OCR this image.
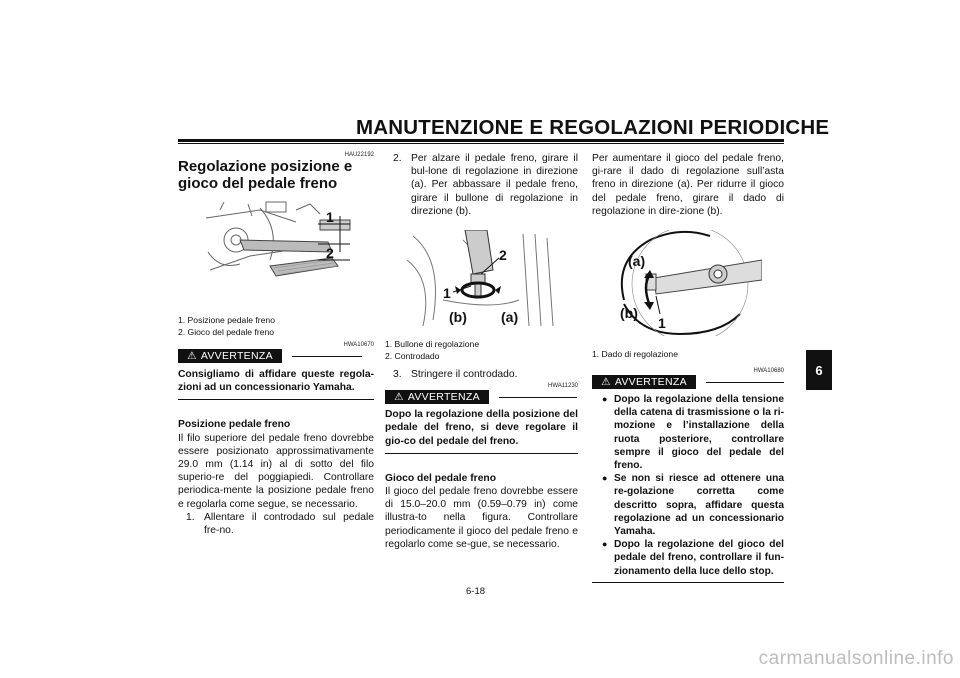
MANUTENZIONE E REGOLAZIONI PERIODICHE
6
HAU22192
Regolazione posizione e gioco del pedale freno
1
2
1. Posizione pedale freno
2. Gioco del pedale freno
HWA10670
⚠ AVVERTENZA
Consigliamo di affidare queste regola-zioni ad un concessionario Yamaha.
Posizione pedale freno
Il filo superiore del pedale freno dovrebbe essere posizionato approssimativamente 29.0 mm (1.14 in) al di sotto del filo superio-re del poggiapiedi. Controllare periodica-mente la posizione pedale freno e regolarla come segue, se necessario.
1. Allentare il controdado sul pedale fre-no.
2. Per alzare il pedale freno, girare il bul-lone di regolazione in direzione (a). Per abbassare il pedale freno, girare il bullone di regolazione in direzione (b).
2
1
(b) (a)
1. Bullone di regolazione
2. Controdado
3. Stringere il controdado.
HWA11230
⚠ AVVERTENZA
Dopo la regolazione della posizione del pedale del freno, si deve regolare il gio-co del pedale del freno.
Gioco del pedale freno
Il gioco del pedale freno dovrebbe essere di 15.0–20.0 mm (0.59–0.79 in) come illustra-to nella figura. Controllare periodicamente il gioco del pedale freno e regolarlo come se-gue, se necessario.
Per aumentare il gioco del pedale freno, gi-rare il dado di regolazione sull’asta freno in direzione (a). Per ridurre il gioco del pedale freno, girare il dado di regolazione in dire-zione (b).
(a)
(b)
1
1. Dado di regolazione
HWA10680
⚠ AVVERTENZA
● Dopo la regolazione della tensione della catena di trasmissione o la ri-mozione e l’installazione della ruota posteriore, controllare sempre il gioco del pedale del freno.
● Se non si riesce ad ottenere una re-golazione corretta come descritto sopra, affidare questa regolazione ad un concessionario Yamaha.
● Dopo la regolazione del gioco del pedale del freno, controllare il fun-zionamento della luce dello stop.
6-18
carmanualsonline.info
